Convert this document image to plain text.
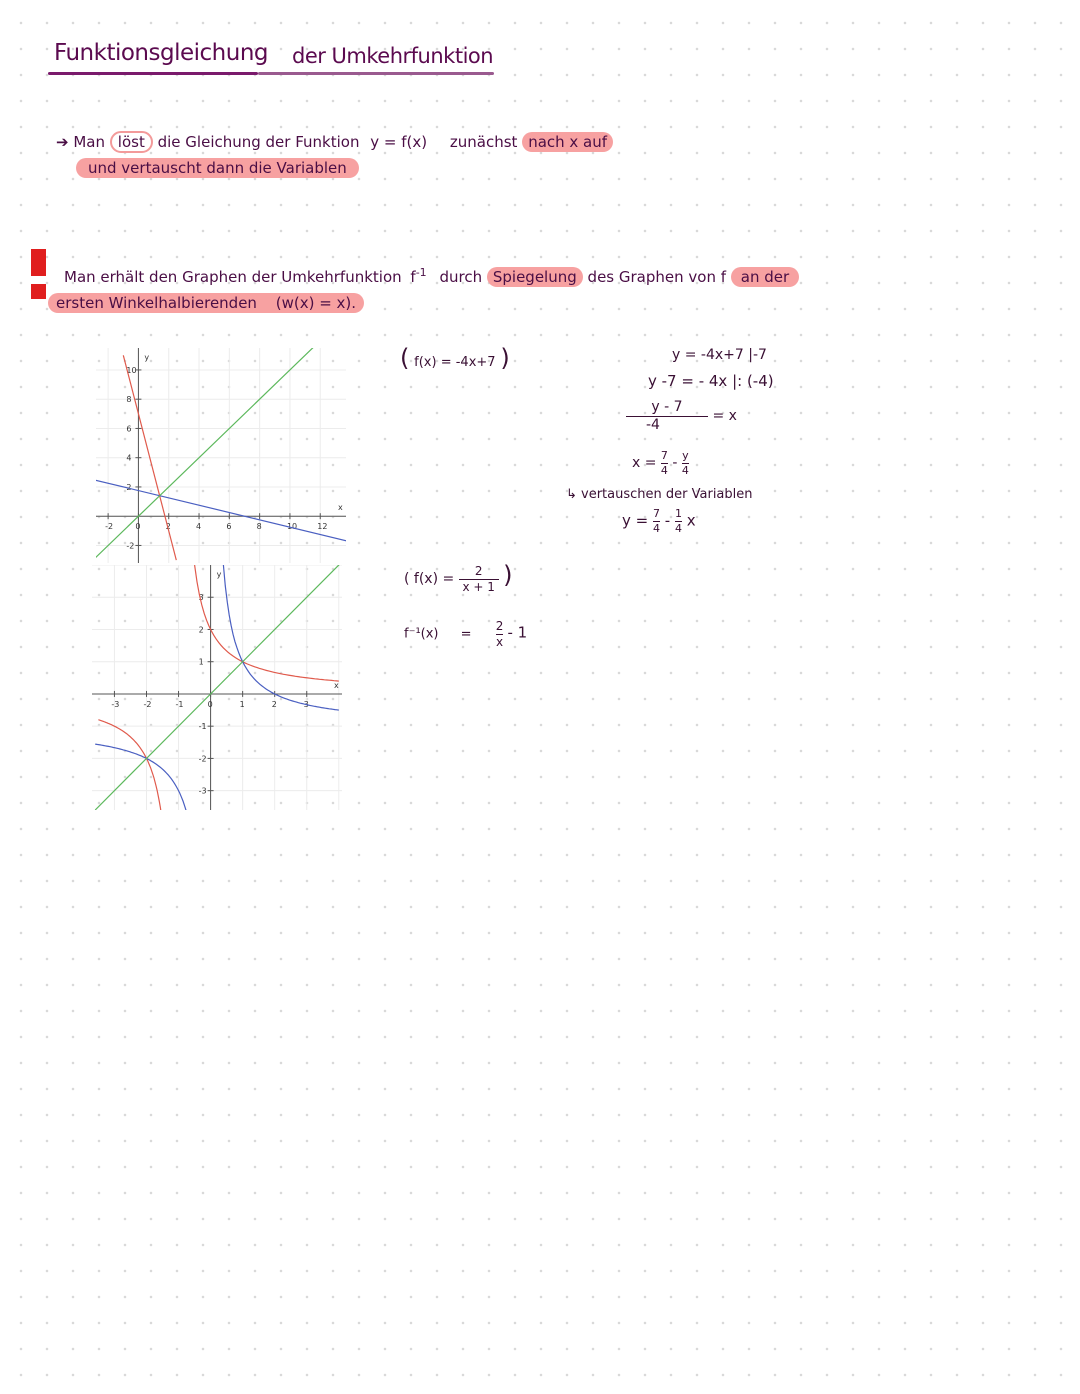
Funktionsgleichung der Umkehrfunktion
➔ Man löst die Gleichung der Funktion y = f(x) zunächst nach x auf
und vertauscht dann die Variablen
Man erhält den Graphen der Umkehrfunktion $f^{-1}$ durch Spiegelung des Graphen von f an der
ersten Winkelhalbierenden (w(x) = x).
x
y
-2	0	2	4	6	8	10	12
-2
2
4
6
8
10
x
y
-3	-2	-1	0	1	2	3
-3
-2
-1
1
2
3
( f(x) = -4x+7 )	y = -4x+7 |-7
y -7 = - 4x |: (-4)
$\frac{y - 7}{-4} = x$
$x = \frac{7}{4} - \frac{y}{4}$
↳ vertauschen der Variablen
$y = \frac{7}{4} - \frac{1}{4}$ x
( $f(x) = \frac{2}{x + 1}$ )
$f^{-1}(x) = \frac{2}{x} - 1$
